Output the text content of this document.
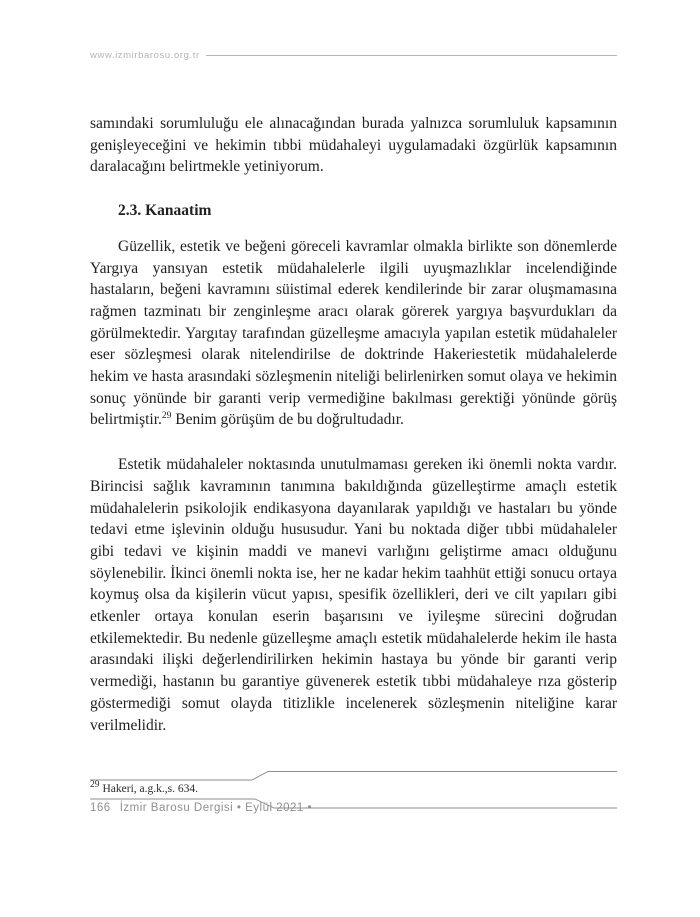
www.izmirbarosu.org.tr

samındaki sorumluluğu ele alınacağından burada yalnızca sorumluluk kapsamının genişleyeceğini ve hekimin tıbbi müdahaleyi uygulamadaki özgürlük kapsamının daralacağını belirtmekle yetiniyorum.

2.3. Kanaatim

Güzellik, estetik ve beğeni göreceli kavramlar olmakla birlikte son dönemlerde Yargıya yansıyan estetik müdahalelerle ilgili uyuşmazlıklar incelendiğinde hastaların, beğeni kavramını süistimal ederek kendilerinde bir zarar oluşmamasına rağmen tazminatı bir zenginleşme aracı olarak görerek yargıya başvurdukları da görülmektedir. Yargıtay tarafından güzelleşme amacıyla yapılan estetik müdahaleler eser sözleşmesi olarak nitelendirilse de doktrinde Hakeriestetik müdahalelerde hekim ve hasta arasındaki sözleşmenin niteliği belirlenirken somut olaya ve hekimin sonuç yönünde bir garanti verip vermediğine bakılması gerektiği yönünde görüş belirtmiştir.$^{29}$ Benim görüşüm de bu doğrultudadır.

Estetik müdahaleler noktasında unutulmaması gereken iki önemli nokta vardır. Birincisi sağlık kavramının tanımına bakıldığında güzelleştirme amaçlı estetik müdahalelerin psikolojik endikasyona dayanılarak yapıldığı ve hastaları bu yönde tedavi etme işlevinin olduğu hususudur. Yani bu noktada diğer tıbbi müdahaleler gibi tedavi ve kişinin maddi ve manevi varlığını geliştirme amacı olduğunu söylenebilir. İkinci önemli nokta ise, her ne kadar hekim taahhüt ettiği sonucu ortaya koymuş olsa da kişilerin vücut yapısı, spesifik özellikleri, deri ve cilt yapıları gibi etkenler ortaya konulan eserin başarısını ve iyileşme sürecini doğrudan etkilemektedir. Bu nedenle güzelleşme amaçlı estetik müdahalelerde hekim ile hasta arasındaki ilişki değerlendirilirken hekimin hastaya bu yönde bir garanti verip vermediği, hastanın bu garantiye güvenerek estetik tıbbi müdahaleye rıza gösterip göstermediği somut olayda titizlikle incelenerek sözleşmenin niteliğine karar verilmelidir.

$^{29}$ Hakeri, a.g.k.,s. 634.
166 İzmir Barosu Dergisi • Eylül 2021 •
